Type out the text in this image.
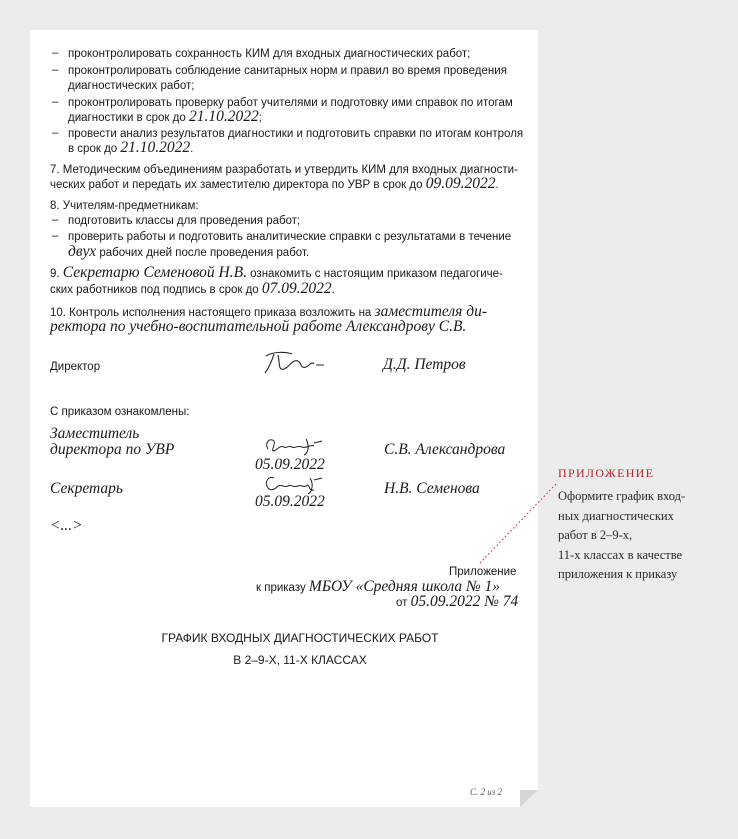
– проконтролировать сохранность КИМ для входных диагностических работ;
– проконтролировать соблюдение санитарных норм и правил во время проведения
диагностических работ;
– проконтролировать проверку работ учителями и подготовку ими справок по итогам
диагностики в срок до 21.10.2022;
– провести анализ результатов диагностики и подготовить справки по итогам контроля
в срок до 21.10.2022.
7. Методическим объединениям разработать и утвердить КИМ для входных диагности-
ческих работ и передать их заместителю директора по УВР в срок до 09.09.2022.
8. Учителям-предметникам:
– подготовить классы для проведения работ;
– проверить работы и подготовить аналитические справки с результатами в течение
двух рабочих дней после проведения работ.
9. Секретарю Семеновой Н.В. ознакомить с настоящим приказом педагогиче-
ских работников под подпись в срок до 07.09.2022.
10. Контроль исполнения настоящего приказа возложить на заместителя ди-
ректора по учебно-воспитательной работе Александрову С.В.
Директор	Д.Д. Петров
С приказом ознакомлены:
Заместитель
директора по УВР
05.09.2022
С.В. Александрова
Секретарь
05.09.2022
Н.В. Семенова
<...>
Приложение
к приказу МБОУ «Средняя школа № 1»
от 05.09.2022 № 74
ГРАФИК ВХОДНЫХ ДИАГНОСТИЧЕСКИХ РАБОТ
В 2–9-Х, 11-Х КЛАССАХ
С. 2 из 2
ПРИЛОЖЕНИЕ
Оформите график вход-
ных диагностических
работ в 2–9-х,
11-х классах в качестве
приложения к приказу
